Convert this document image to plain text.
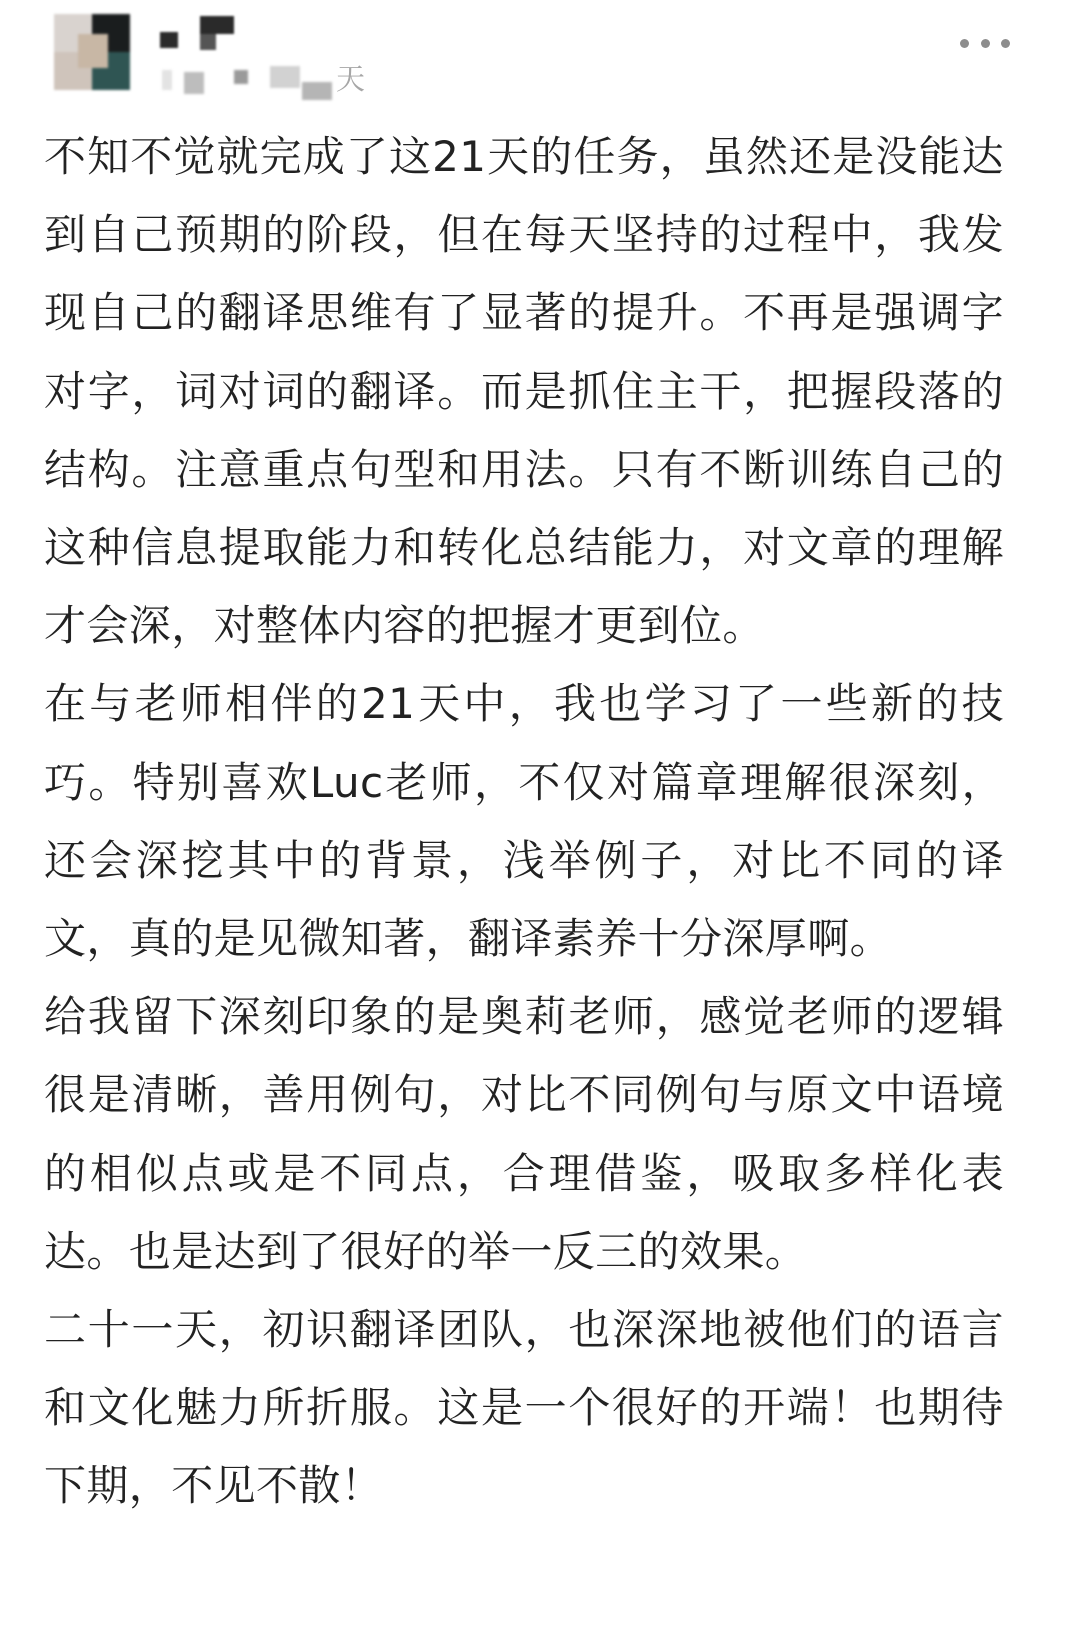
天

不知不觉就完成了这21天的任务，虽然还是没能达到自己预期的阶段，但在每天坚持的过程中，我发现自己的翻译思维有了显著的提升。不再是强调字对字，词对词的翻译。而是抓住主干，把握段落的结构。注意重点句型和用法。只有不断训练自己的这种信息提取能力和转化总结能力，对文章的理解才会深，对整体内容的把握才更到位。

在与老师相伴的21天中，我也学习了一些新的技巧。特别喜欢Luc老师，不仅对篇章理解很深刻，还会深挖其中的背景，浅举例子，对比不同的译文，真的是见微知著，翻译素养十分深厚啊。

给我留下深刻印象的是奥莉老师，感觉老师的逻辑很是清晰，善用例句，对比不同例句与原文中语境的相似点或是不同点，合理借鉴，吸取多样化表达。也是达到了很好的举一反三的效果。

二十一天，初识翻译团队，也深深地被他们的语言和文化魅力所折服。这是一个很好的开端！也期待下期，不见不散！
